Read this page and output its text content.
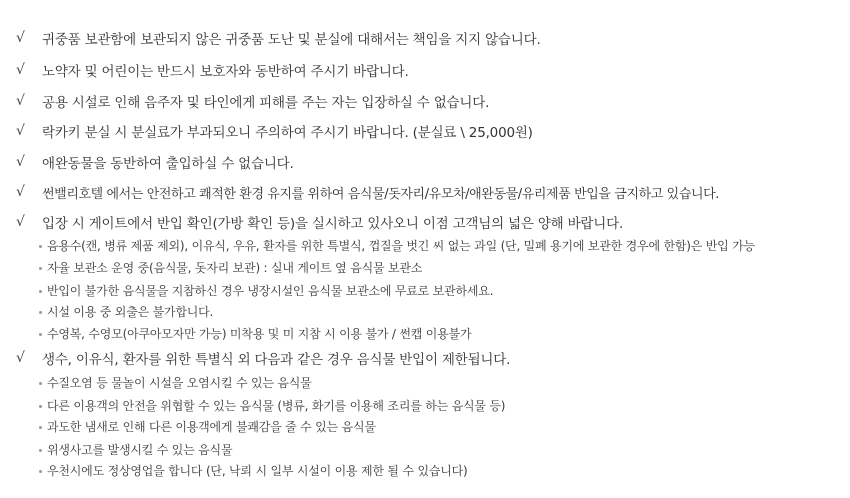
√	귀중품 보관함에 보관되지 않은 귀중품 도난 및 분실에 대해서는 책임을 지지 않습니다.
√	노약자 및 어린이는 반드시 보호자와 동반하여 주시기 바랍니다.
√	공용 시설로 인해 음주자 및 타인에게 피해를 주는 자는 입장하실 수 없습니다.
√	락카키 분실 시 분실료가 부과되오니 주의하여 주시기 바랍니다. (분실료 \ 25,000원)
√	애완동물을 동반하여 출입하실 수 없습니다.
√	썬밸리호텔 에서는 안전하고 쾌적한 환경 유지를 위하여 음식물/돗자리/유모차/애완동물/유리제품 반입을 금지하고 있습니다.
√	입장 시 게이트에서 반입 확인(가방 확인 등)을 실시하고 있사오니 이점 고객님의 넓은 양해 바랍니다.
음용수(캔, 병류 제품 제외), 이유식, 우유, 환자를 위한 특별식, 껍질을 벗긴 씨 없는 과일 (단, 밀폐 용기에 보관한 경우에 한함)은 반입 가능
자율 보관소 운영 중(음식물, 돗자리 보관) : 실내 게이트 옆 음식물 보관소
반입이 불가한 음식물을 지참하신 경우 냉장시설인 음식물 보관소에 무료로 보관하세요.
시설 이용 중 외출은 불가합니다.
수영복, 수영모(아쿠아모자만 가능) 미착용 및 미 지참 시 이용 불가 / 썬캡 이용불가
√	생수, 이유식, 환자를 위한 특별식 외 다음과 같은 경우 음식물 반입이 제한됩니다.
수질오염 등 물놀이 시설을 오염시킬 수 있는 음식물
다른 이용객의 안전을 위협할 수 있는 음식물 (병류, 화기를 이용해 조리를 하는 음식물 등)
과도한 냄새로 인해 다른 이용객에게 불쾌감을 줄 수 있는 음식물
위생사고를 발생시킬 수 있는 음식물
우천시에도 정상영업을 합니다 (단, 낙뢰 시 일부 시설이 이용 제한 될 수 있습니다)
